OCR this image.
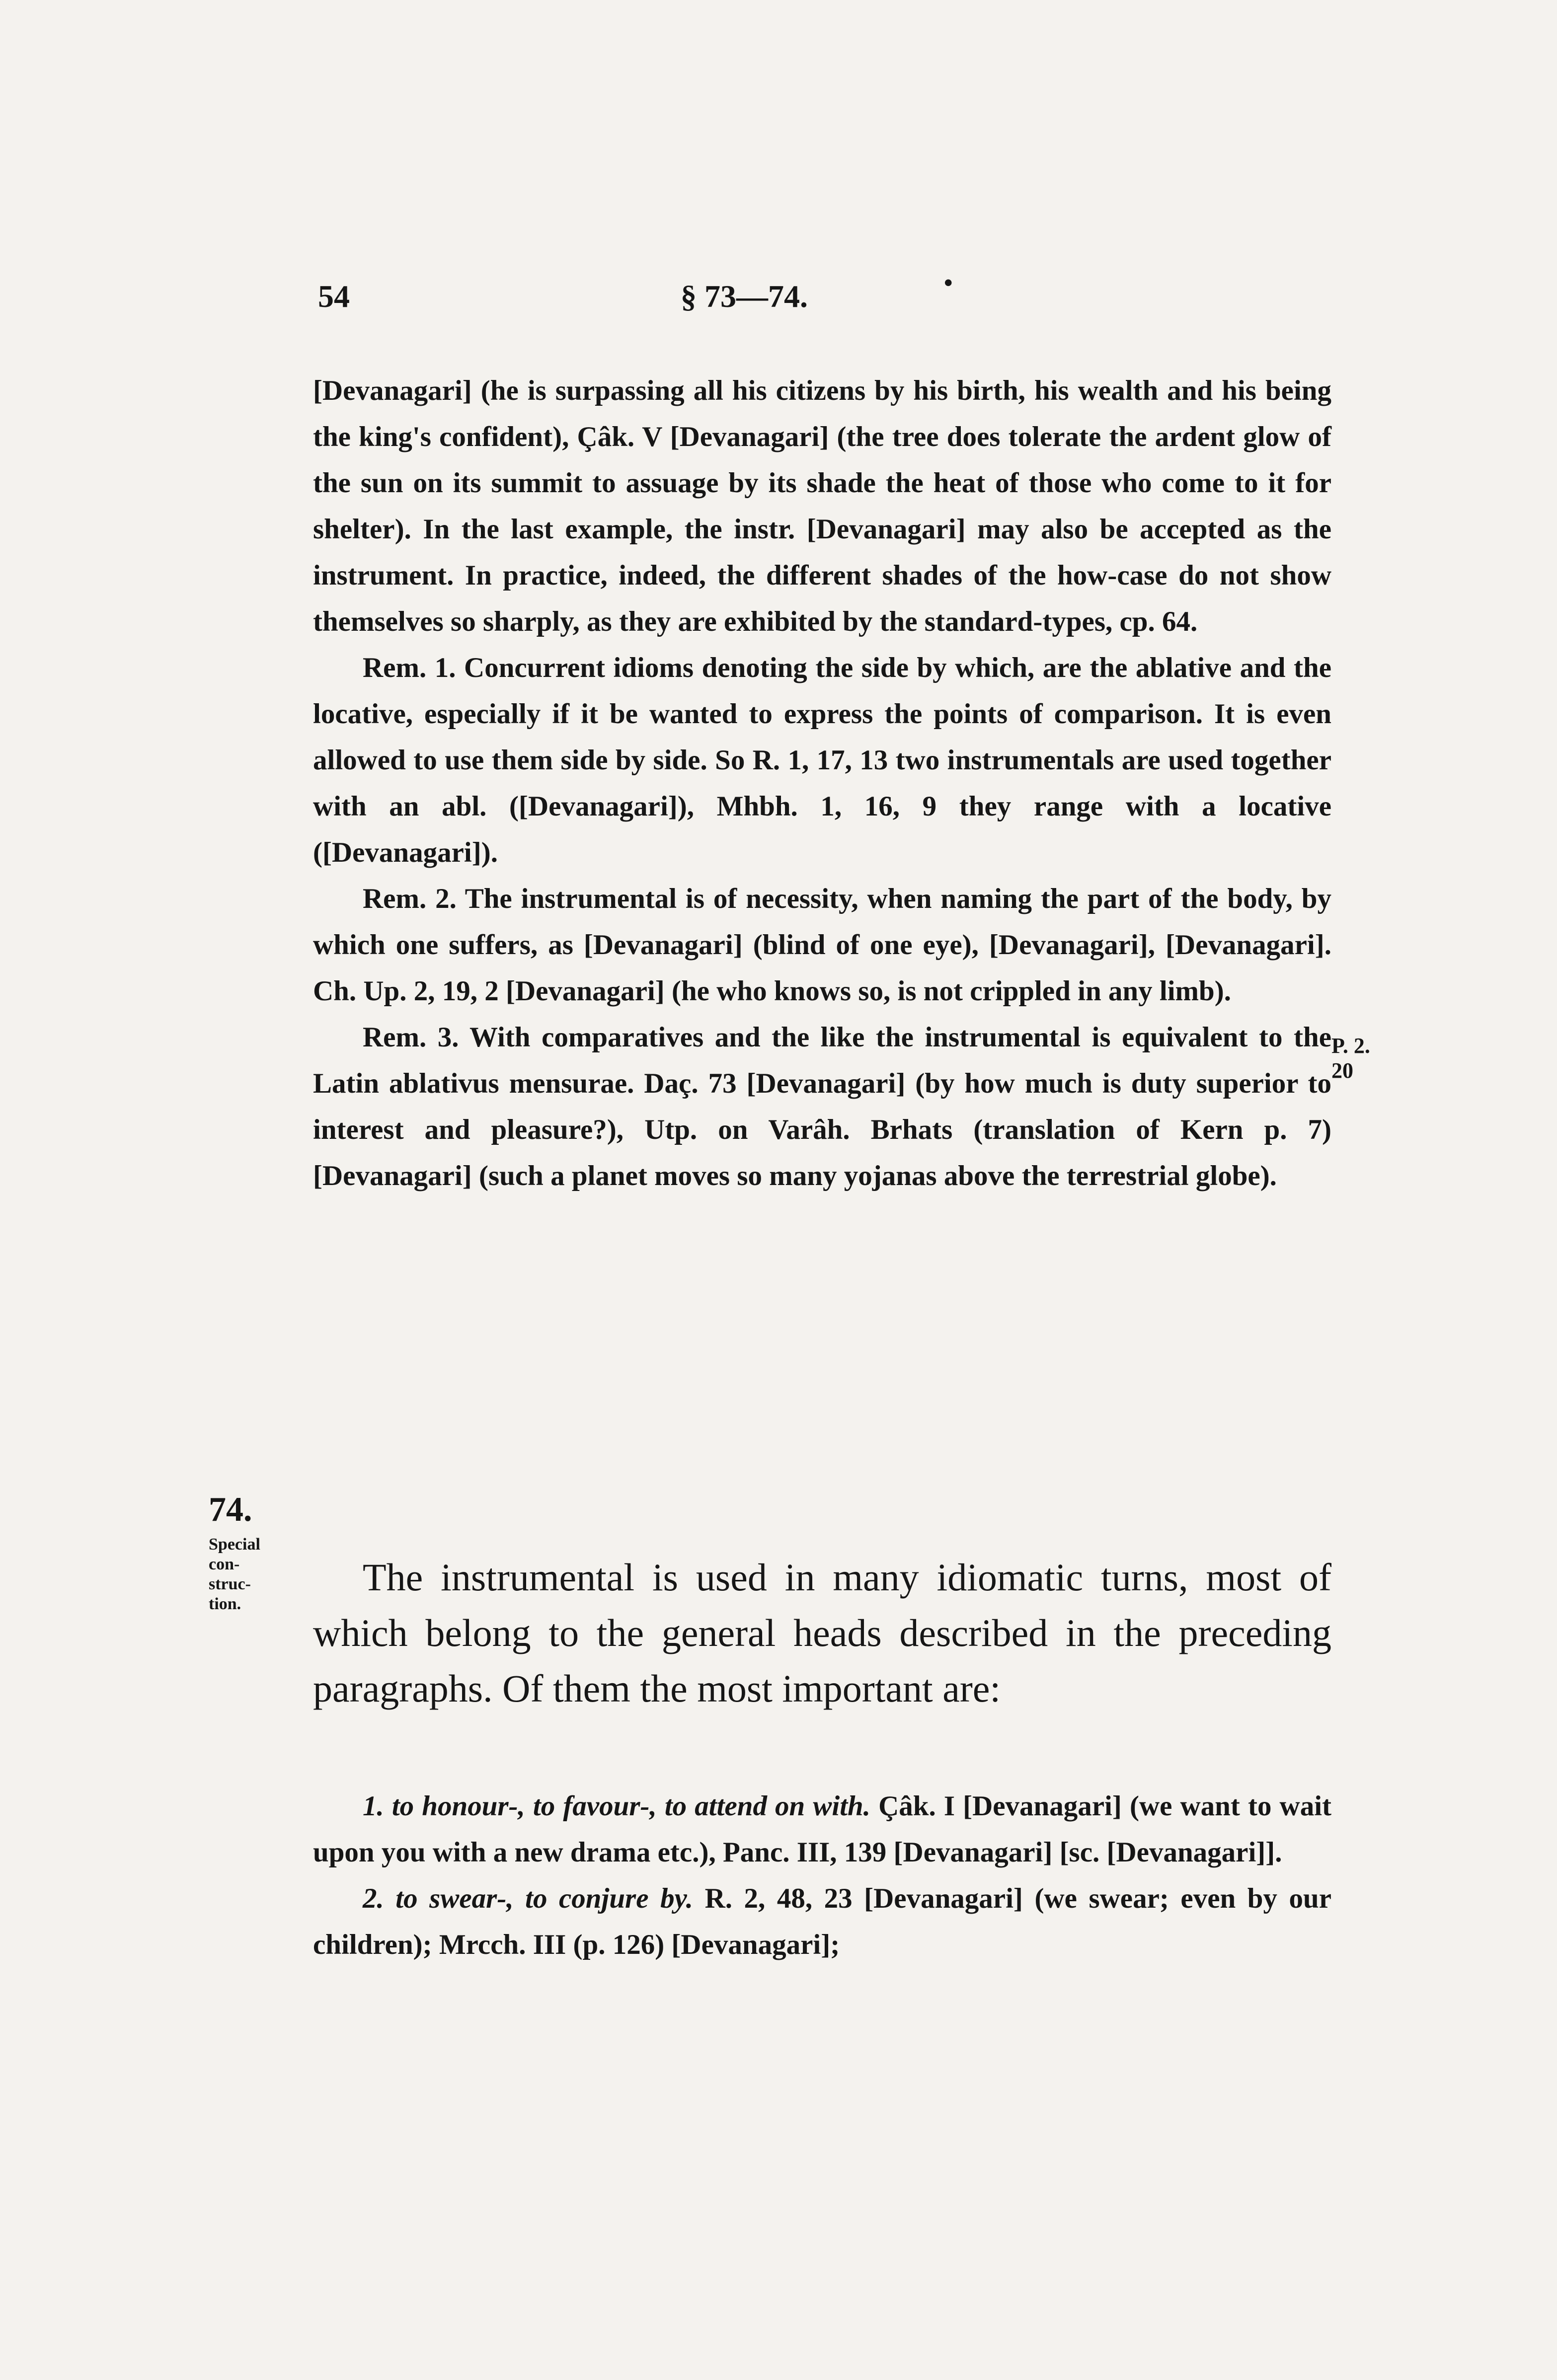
54	§ 73—74.	•
P. 2.
20
74.
Special con- struc- tion.

[Devanagari] (he is surpassing all his citizens by his birth, his wealth and his being the king's confident), Çâk. V [Devanagari] (the tree does tolerate the ardent glow of the sun on its summit to assuage by its shade the heat of those who come to it for shelter). In the last example, the instr. [Devanagari] may also be accepted as the instrument. In practice, indeed, the different shades of the how-case do not show themselves so sharply, as they are exhibited by the standard-types, cp. 64.

Rem. 1. Concurrent idioms denoting the side by which, are the ablative and the locative, especially if it be wanted to express the points of comparison. It is even allowed to use them side by side. So R. 1, 17, 13 two instrumentals are used together with an abl. ([Devanagari]), Mhbh. 1, 16, 9 they range with a locative ([Devanagari]).

Rem. 2. The instrumental is of necessity, when naming the part of the body, by which one suffers, as [Devanagari] (blind of one eye), [Devanagari], [Devanagari]. Ch. Up. 2, 19, 2 [Devanagari] (he who knows so, is not crippled in any limb).

Rem. 3. With comparatives and the like the instrumental is equivalent to the Latin ablativus mensurae. Daç. 73 [Devanagari] (by how much is duty superior to interest and pleasure?), Utp. on Varâh. Brhats (translation of Kern p. 7) [Devanagari] (such a planet moves so many yojanas above the terrestrial globe).

The instrumental is used in many idiomatic turns, most of which belong to the general heads described in the preceding paragraphs. Of them the most important are:

1. to honour-, to favour-, to attend on with. Çâk. I [Devanagari] (we want to wait upon you with a new drama etc.), Panc. III, 139 [Devanagari] [sc. [Devanagari]].

2. to swear-, to conjure by. R. 2, 48, 23 [Devanagari] (we swear; even by our children); Mrcch. III (p. 126) [Devanagari];
